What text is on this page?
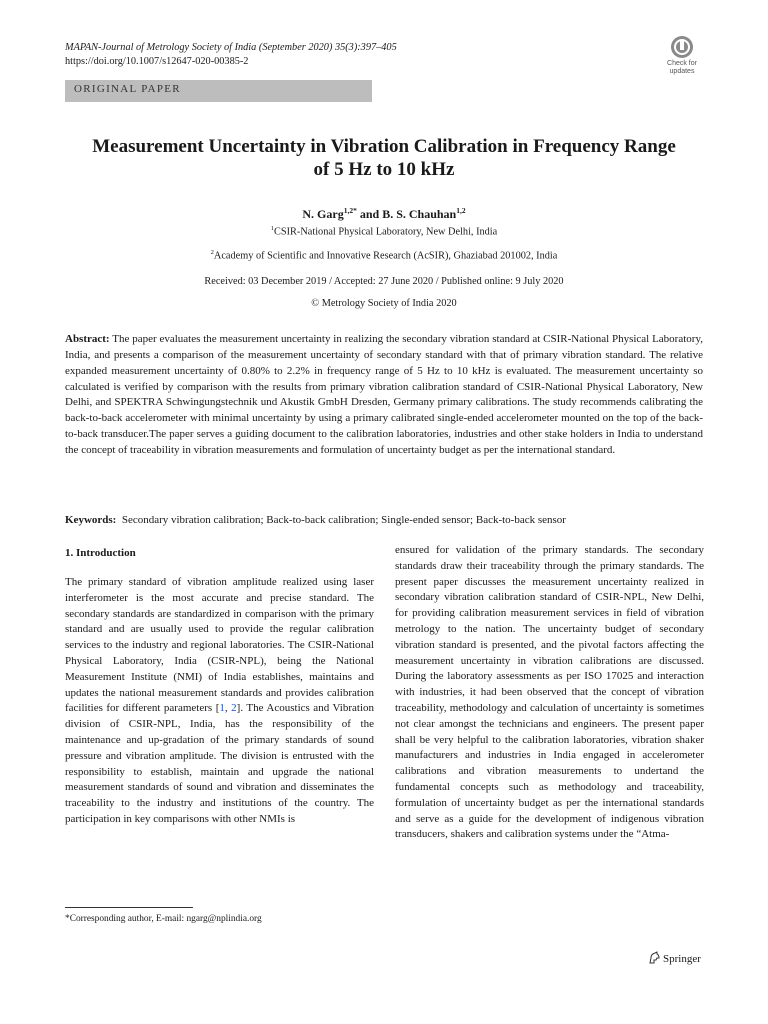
MAPAN-Journal of Metrology Society of India (September 2020) 35(3):397–405
https://doi.org/10.1007/s12647-020-00385-2	Check for
updates
ORIGINAL PAPER
Measurement Uncertainty in Vibration Calibration in Frequency Range
of 5 Hz to 10 kHz
N. Garg$^{1,2*}$ and B. S. Chauhan$^{1,2}$
$^1$CSIR-National Physical Laboratory, New Delhi, India
$^2$Academy of Scientific and Innovative Research (AcSIR), Ghaziabad 201002, India
Received: 03 December 2019 / Accepted: 27 June 2020 / Published online: 9 July 2020
© Metrology Society of India 2020
Abstract: The paper evaluates the measurement uncertainty in realizing the secondary vibration standard at CSIR-National Physical Laboratory, India, and presents a comparison of the measurement uncertainty of secondary standard with that of primary vibration standard. The relative expanded measurement uncertainty of 0.80% to 2.2% in frequency range of 5 Hz to 10 kHz is evaluated. The measurement uncertainty so calculated is verified by comparison with the results from primary vibration calibration standard of CSIR-National Physical Laboratory, New Delhi, and SPEKTRA Schwingungstechnik und Akustik GmbH Dresden, Germany primary calibrations. The study recommends calibrating the back-to-back accelerometer with minimal uncertainty by using a primary calibrated single-ended accelerometer mounted on the top of the back-to-back transducer.The paper serves a guiding document to the calibration laboratories, industries and other stake holders in India to understand the concept of traceability in vibration measurements and formulation of uncertainty budget as per the international standard.
Keywords: Secondary vibration calibration; Back-to-back calibration; Single-ended sensor; Back-to-back sensor
1. Introduction
The primary standard of vibration amplitude realized using laser interferometer is the most accurate and precise standard. The secondary standards are standardized in comparison with the primary standard and are usually used to provide the regular calibration services to the industry and regional laboratories. The CSIR-National Physical Laboratory, India (CSIR-NPL), being the National Measurement Institute (NMI) of India establishes, maintains and updates the national measurement standards and provides calibration facilities for different parameters [1, 2]. The Acoustics and Vibration division of CSIR-NPL, India, has the responsibility of the maintenance and up-gradation of the primary standards of sound pressure and vibration amplitude. The division is entrusted with the responsibility to establish, maintain and upgrade the national measurement standards of sound and vibration and disseminates the traceability to the industry and institutions of the country. The participation in key comparisons with other NMIs is
ensured for validation of the primary standards. The secondary standards draw their traceability through the primary standards. The present paper discusses the measurement uncertainty realized in secondary vibration calibration standard of CSIR-NPL, New Delhi, for providing calibration measurement services in field of vibration metrology to the nation. The uncertainty budget of secondary vibration standard is presented, and the pivotal factors affecting the measurement uncertainty in vibration calibrations are discussed. During the laboratory assessments as per ISO 17025 and interaction with industries, it had been observed that the concept of vibration traceability, methodology and calculation of uncertainty is sometimes not clear amongst the technicians and engineers. The present paper shall be very helpful to the calibration laboratories, vibration shaker manufacturers and industries in India engaged in accelerometer calibrations and vibration measurements to undertand the fundamental concepts such as methodology and traceability, formulation of uncertainty budget as per the international standards and serve as a guide for the development of indigenous vibration transducers, shakers and calibration systems under the “Atma-
*Corresponding author, E-mail: ngarg@nplindia.org
Springer
